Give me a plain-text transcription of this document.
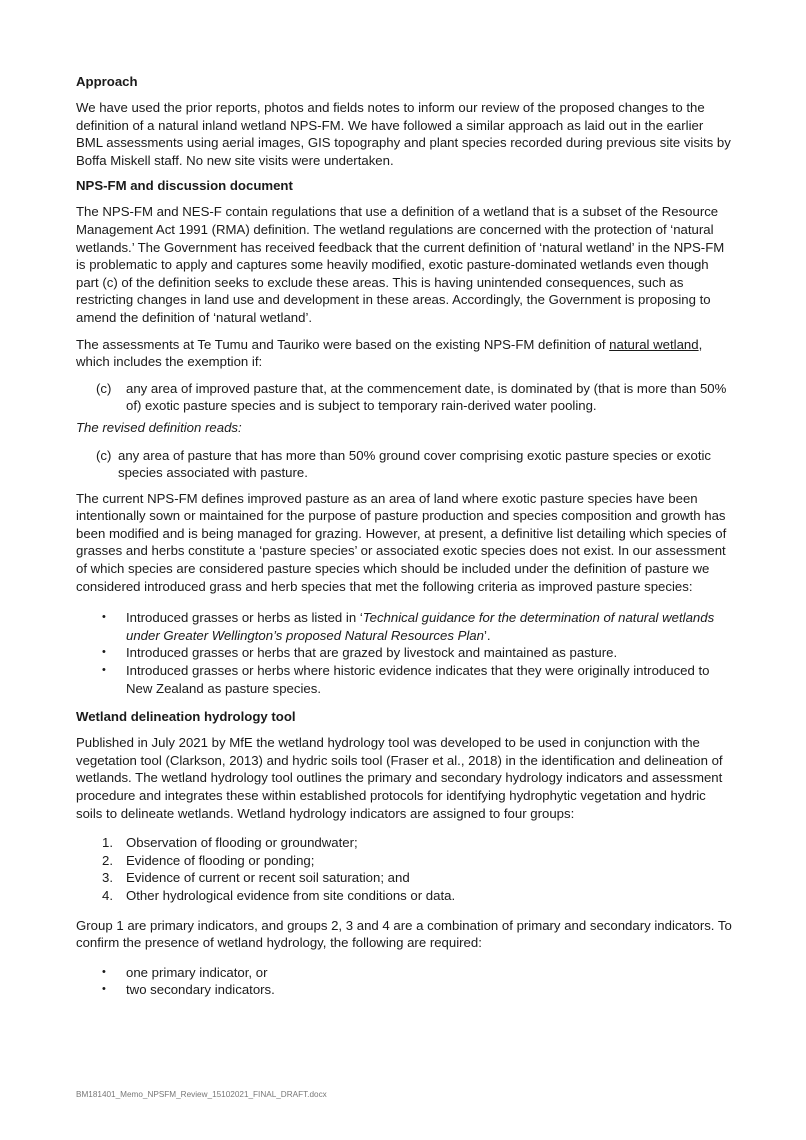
Approach

We have used the prior reports, photos and fields notes to inform our review of the proposed changes to the definition of a natural inland wetland NPS-FM. We have followed a similar approach as laid out in the earlier BML assessments using aerial images, GIS topography and plant species recorded during previous site visits by Boffa Miskell staff. No new site visits were undertaken.

NPS-FM and discussion document

The NPS-FM and NES-F contain regulations that use a definition of a wetland that is a subset of the Resource Management Act 1991 (RMA) definition. The wetland regulations are concerned with the protection of ‘natural wetlands.’ The Government has received feedback that the current definition of ‘natural wetland’ in the NPS-FM is problematic to apply and captures some heavily modified, exotic pasture-dominated wetlands even though part (c) of the definition seeks to exclude these areas. This is having unintended consequences, such as restricting changes in land use and development in these areas. Accordingly, the Government is proposing to amend the definition of ‘natural wetland’.

The assessments at Te Tumu and Tauriko were based on the existing NPS-FM definition of natural wetland, which includes the exemption if:

(c)	any area of improved pasture that, at the commencement date, is dominated by (that is more than 50% of) exotic pasture species and is subject to temporary rain-derived water pooling.

The revised definition reads:

(c) any area of pasture that has more than 50% ground cover comprising exotic pasture species or exotic species associated with pasture.

The current NPS-FM defines improved pasture as an area of land where exotic pasture species have been intentionally sown or maintained for the purpose of pasture production and species composition and growth has been modified and is being managed for grazing. However, at present, a definitive list detailing which species of grasses and herbs constitute a ‘pasture species’ or associated exotic species does not exist. In our assessment of which species are considered pasture species which should be included under the definition of pasture we considered introduced grass and herb species that met the following criteria as improved pasture species:

•	Introduced grasses or herbs as listed in ‘Technical guidance for the determination of natural wetlands under Greater Wellington’s proposed Natural Resources Plan’.
•	Introduced grasses or herbs that are grazed by livestock and maintained as pasture.
•	Introduced grasses or herbs where historic evidence indicates that they were originally introduced to New Zealand as pasture species.
Wetland delineation hydrology tool

Published in July 2021 by MfE the wetland hydrology tool was developed to be used in conjunction with the vegetation tool (Clarkson, 2013) and hydric soils tool (Fraser et al., 2018) in the identification and delineation of wetlands. The wetland hydrology tool outlines the primary and secondary hydrology indicators and assessment procedure and integrates these within established protocols for identifying hydrophytic vegetation and hydric soils to delineate wetlands. Wetland hydrology indicators are assigned to four groups:

1. Observation of flooding or groundwater;
2. Evidence of flooding or ponding;
3. Evidence of current or recent soil saturation; and
4. Other hydrological evidence from site conditions or data.

Group 1 are primary indicators, and groups 2, 3 and 4 are a combination of primary and secondary indicators. To confirm the presence of wetland hydrology, the following are required:

•	one primary indicator, or
•	two secondary indicators.
BM181401_Memo_NPSFM_Review_15102021_FINAL_DRAFT.docx
